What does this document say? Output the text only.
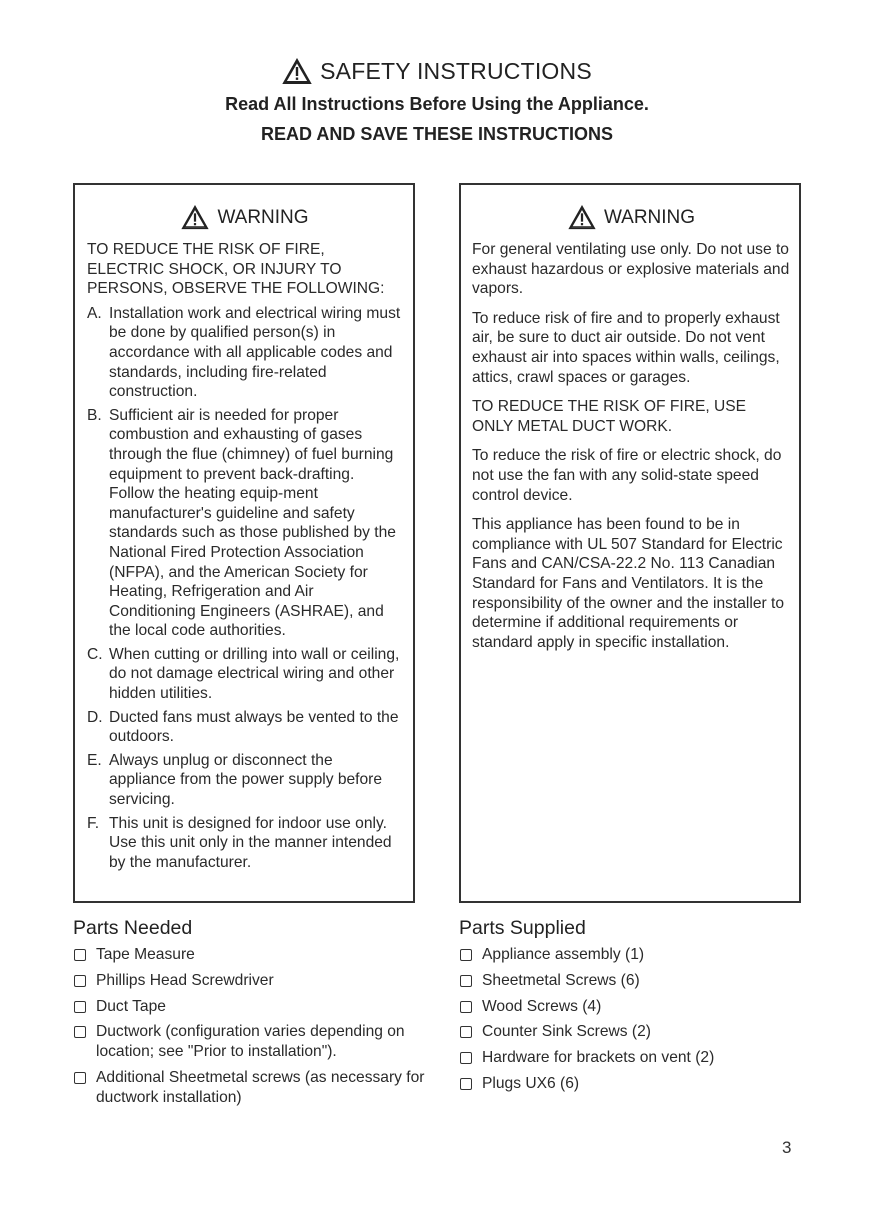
SAFETY INSTRUCTIONS
Read All Instructions Before Using the Appliance.
READ AND SAVE THESE INSTRUCTIONS
WARNING
TO REDUCE THE RISK OF FIRE, ELECTRIC SHOCK, OR INJURY TO PERSONS, OBSERVE THE FOLLOWING:
A. Installation work and electrical wiring must be done by qualified person(s) in accordance with all applicable codes and standards, including fire-related construction.
B. Sufficient air is needed for proper combustion and exhausting of gases through the flue (chimney) of fuel burning equipment to prevent back-drafting. Follow the heating equip-ment manufacturer's guideline and safety standards such as those published by the National Fired Protection Association (NFPA), and the American Society for Heating, Refrigeration and Air Conditioning Engineers (ASHRAE), and the local code authorities.
C. When cutting or drilling into wall or ceiling, do not damage electrical wiring and other hidden utilities.
D. Ducted fans must always be vented to the outdoors.
E. Always unplug or disconnect the appliance from the power supply before servicing.
F. This unit is designed for indoor use only. Use this unit only in the manner intended by the manufacturer.
WARNING
For general ventilating use only. Do not use to exhaust hazardous or explosive materials and vapors.
To reduce risk of fire and to properly exhaust air, be sure to duct air outside. Do not vent exhaust air into spaces within walls, ceilings, attics, crawl spaces or garages.
TO REDUCE THE RISK OF FIRE, USE ONLY METAL DUCT WORK.
To reduce the risk of fire or electric shock, do not use the fan with any solid-state speed control device.
This appliance has been found to be in compliance with UL 507 Standard for Electric Fans and CAN/CSA-22.2 No. 113 Canadian Standard for Fans and Ventilators. It is the responsibility of the owner and the installer to determine if additional requirements or standard apply in specific installation.
Parts Needed
Tape Measure
Phillips Head Screwdriver
Duct Tape
Ductwork (configuration varies depending on location; see "Prior to installation").
Additional Sheetmetal screws (as necessary for ductwork installation)
Parts Supplied
Appliance assembly (1)
Sheetmetal Screws (6)
Wood Screws (4)
Counter Sink Screws (2)
Hardware for brackets on vent (2)
Plugs UX6 (6)
3
